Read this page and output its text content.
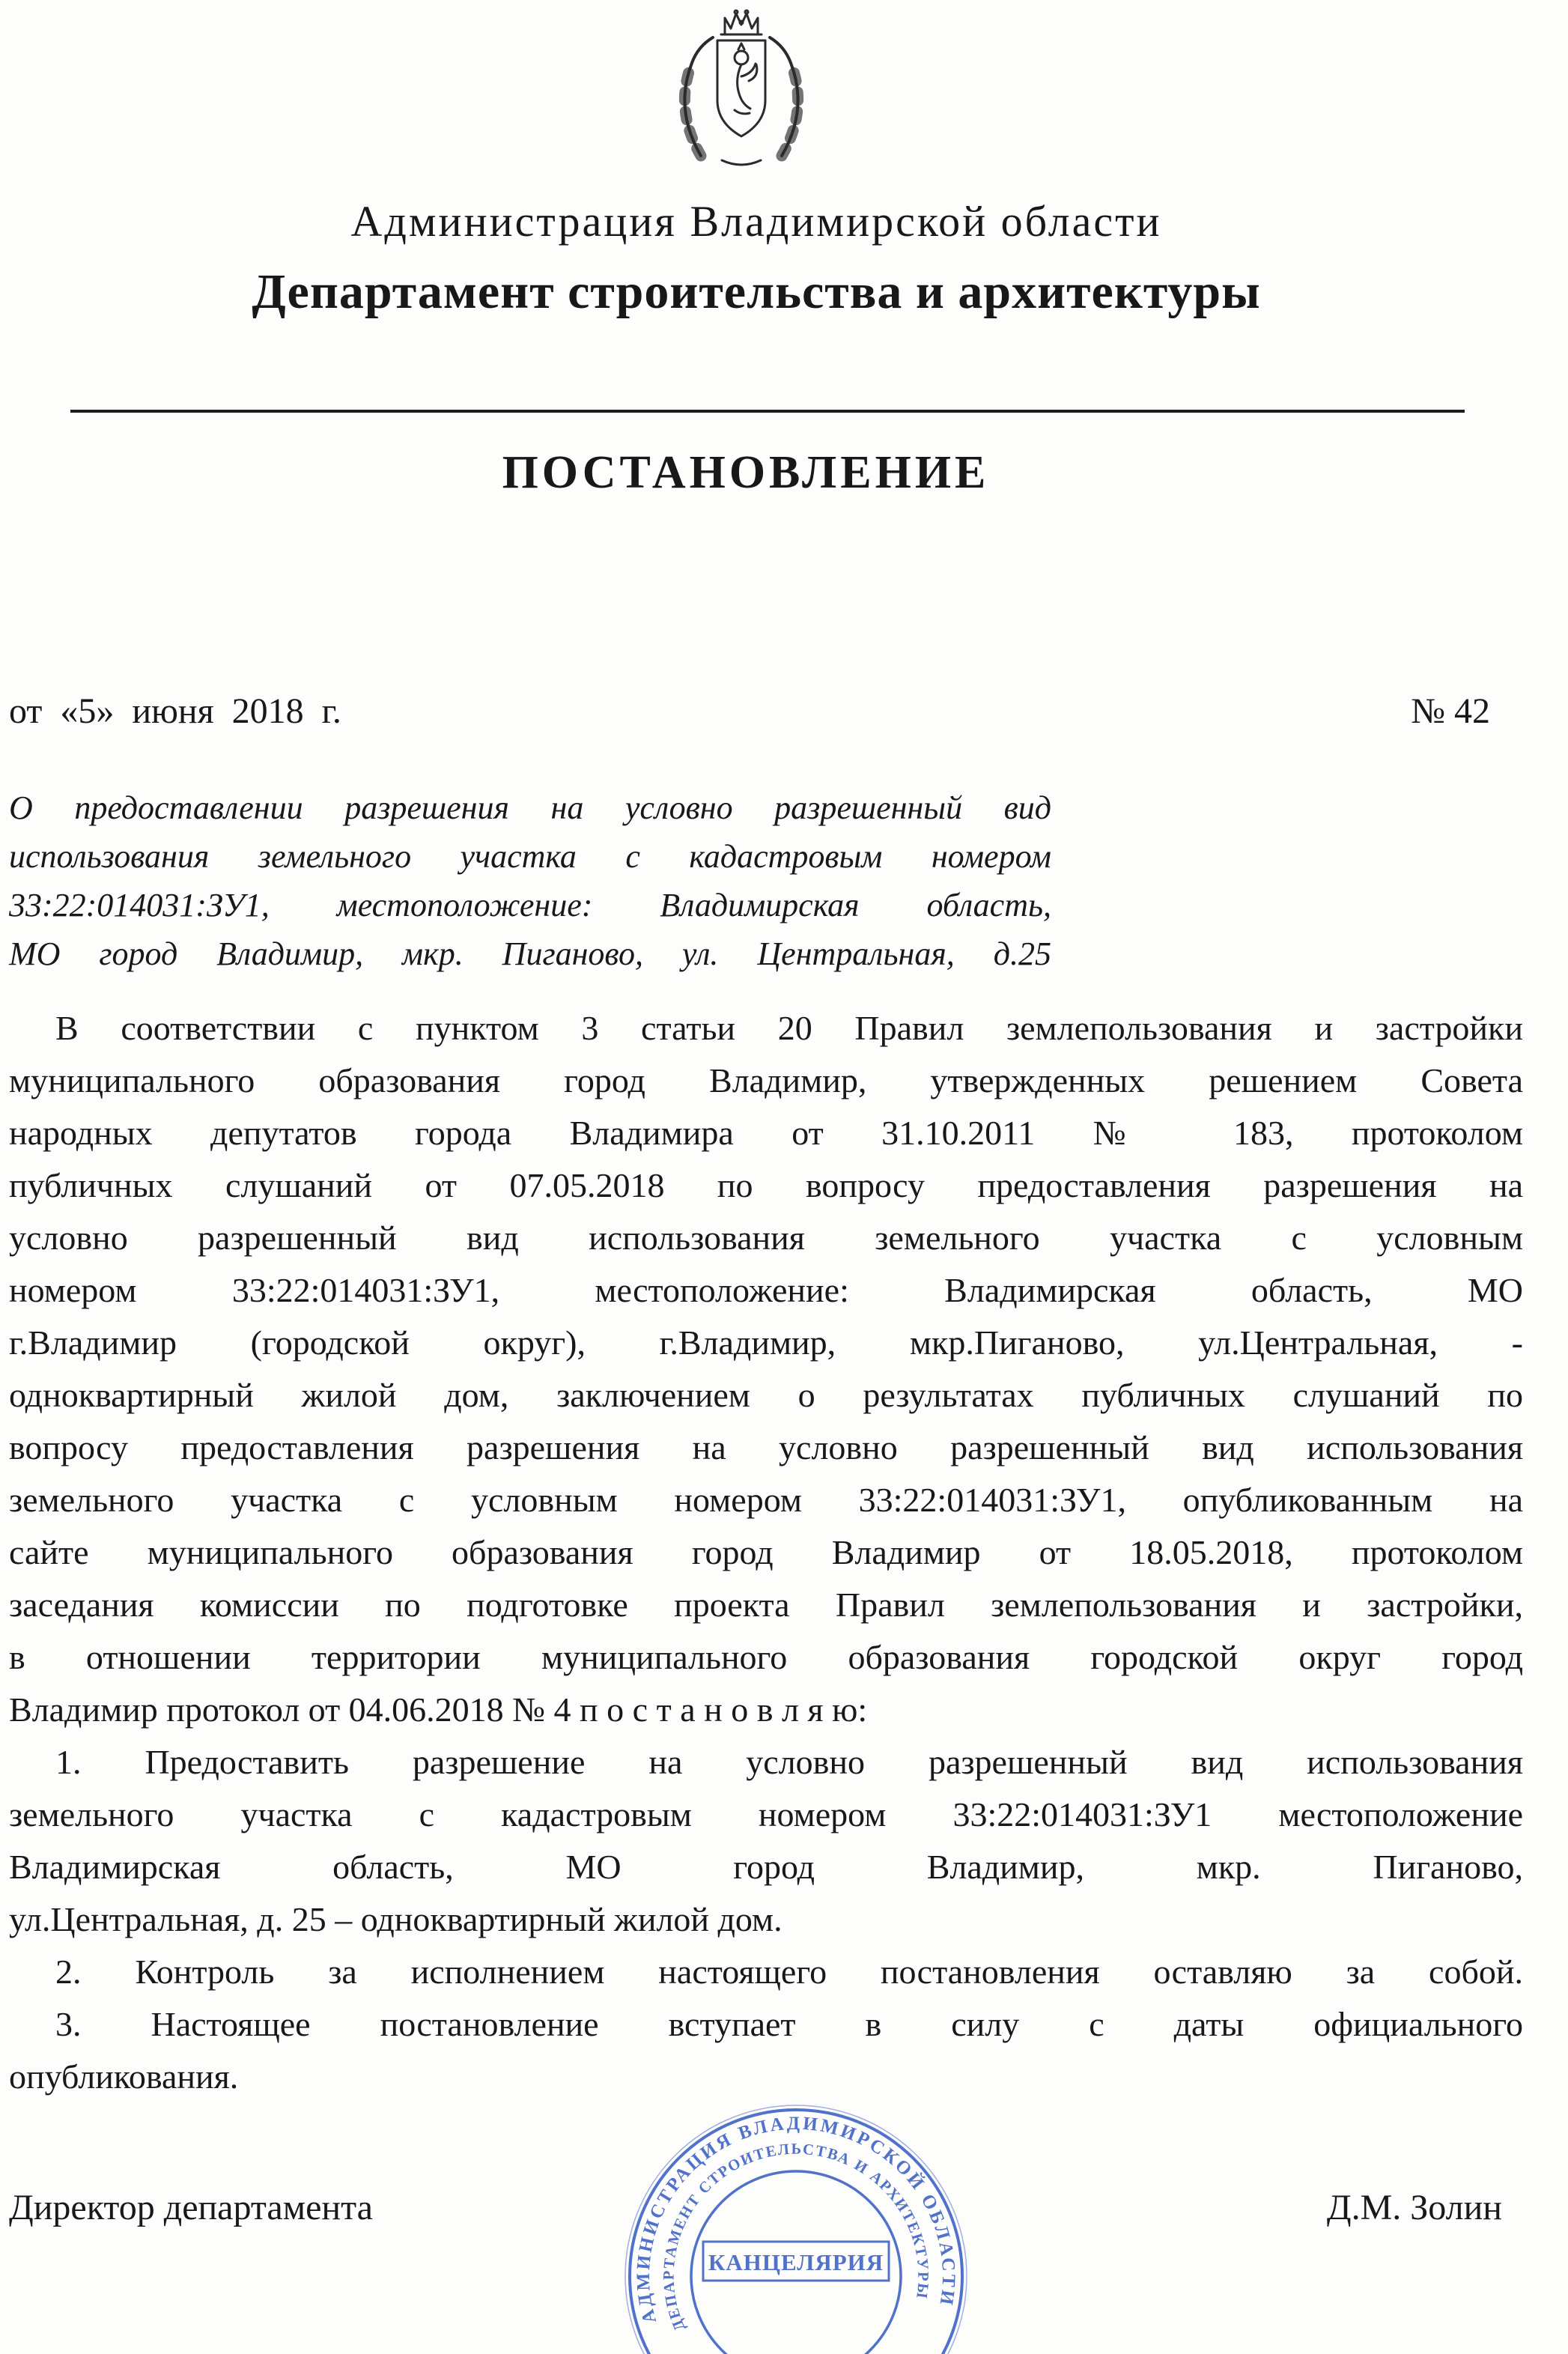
Администрация Владимирской области
Департамент строительства и архитектуры
ПОСТАНОВЛЕНИЕ
от «5» июня 2018 г.	№ 42
О предоставлении разрешения на условно разрешенный вид
использования земельного участка с кадастровым номером
33:22:014031:ЗУ1, местоположение: Владимирская область,
МО город Владимир, мкр. Пиганово, ул. Центральная, д.25
В соответствии с пунктом 3 статьи 20 Правил землепользования и застройки
муниципального образования город Владимир, утвержденных решением Совета
народных депутатов города Владимира от 31.10.2011 № 183, протоколом
публичных слушаний от 07.05.2018 по вопросу предоставления разрешения на
условно разрешенный вид использования земельного участка с условным
номером 33:22:014031:ЗУ1, местоположение: Владимирская область, МО
г.Владимир (городской округ), г.Владимир, мкр.Пиганово, ул.Центральная, -
одноквартирный жилой дом, заключением о результатах публичных слушаний по
вопросу предоставления разрешения на условно разрешенный вид использования
земельного участка с условным номером 33:22:014031:ЗУ1, опубликованным на
сайте муниципального образования город Владимир от 18.05.2018, протоколом
заседания комиссии по подготовке проекта Правил землепользования и застройки,
в отношении территории муниципального образования городской округ город
Владимир протокол от 04.06.2018 № 4 п о с т а н о в л я ю:
1. Предоставить разрешение на условно разрешенный вид использования
земельного участка с кадастровым номером 33:22:014031:ЗУ1 местоположение
Владимирская область, МО город Владимир, мкр. Пиганово,
ул.Центральная, д. 25 – одноквартирный жилой дом.
2. Контроль за исполнением настоящего постановления оставляю за собой.
3. Настоящее постановление вступает в силу с даты официального
опубликования.
Директор департамента	Д.М. Золин
АДМИНИСТРАЦИЯ ВЛАДИМИРСКОЙ ОБЛАСТИ
ДЕПАРТАМЕНТ СТРОИТЕЛЬСТВА И АРХИТЕКТУРЫ
КАНЦЕЛЯРИЯ
